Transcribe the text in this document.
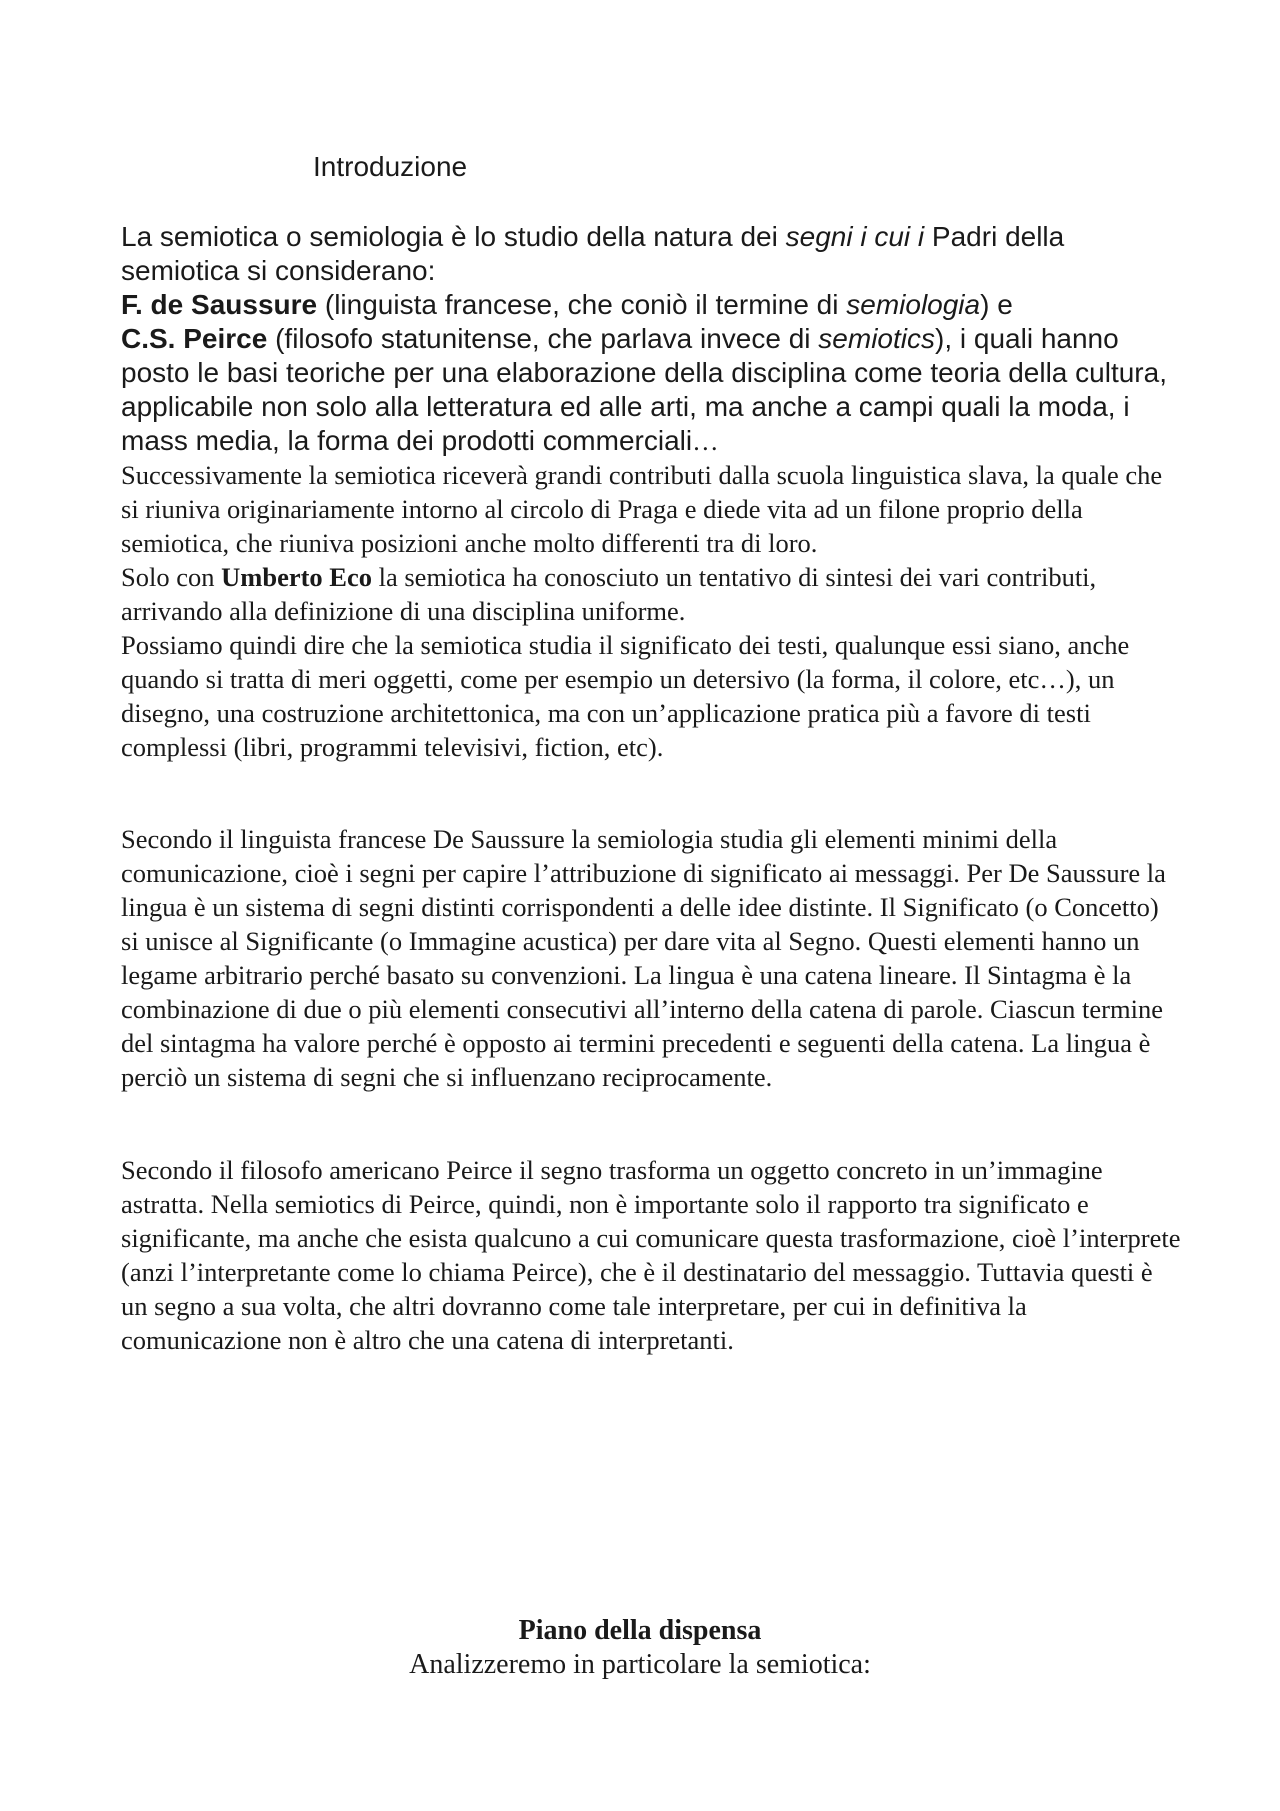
Introduzione

La semiotica o semiologia è lo studio della natura dei segni i cui i Padri della semiotica si considerano:

F. de Saussure (linguista francese, che coniò il termine di semiologia) e

C.S. Peirce (filosofo statunitense, che parlava invece di semiotics), i quali hanno posto le basi teoriche per una elaborazione della disciplina come teoria della cultura, applicabile non solo alla letteratura ed alle arti, ma anche a campi quali la moda, i mass media, la forma dei prodotti commerciali…

Successivamente la semiotica riceverà grandi contributi dalla scuola linguistica slava, la quale che si riuniva originariamente intorno al circolo di Praga e diede vita ad un filone proprio della semiotica, che riuniva posizioni anche molto differenti tra di loro.

Solo con Umberto Eco la semiotica ha conosciuto un tentativo di sintesi dei vari contributi, arrivando alla definizione di una disciplina uniforme.

Possiamo quindi dire che la semiotica studia il significato dei testi, qualunque essi siano, anche quando si tratta di meri oggetti, come per esempio un detersivo (la forma, il colore, etc…), un disegno, una costruzione architettonica, ma con un’applicazione pratica più a favore di testi complessi (libri, programmi televisivi, fiction, etc).

Secondo il linguista francese De Saussure la semiologia studia gli elementi minimi della comunicazione, cioè i segni per capire l’attribuzione di significato ai messaggi. Per De Saussure la lingua è un sistema di segni distinti corrispondenti a delle idee distinte. Il Significato (o Concetto) si unisce al Significante (o Immagine acustica) per dare vita al Segno. Questi elementi hanno un legame arbitrario perché basato su convenzioni. La lingua è una catena lineare. Il Sintagma è la combinazione di due o più elementi consecutivi all’interno della catena di parole. Ciascun termine del sintagma ha valore perché è opposto ai termini precedenti e seguenti della catena. La lingua è perciò un sistema di segni che si influenzano reciprocamente.

Secondo il filosofo americano Peirce il segno trasforma un oggetto concreto in un’immagine astratta. Nella semiotics di Peirce, quindi, non è importante solo il rapporto tra significato e significante, ma anche che esista qualcuno a cui comunicare questa trasformazione, cioè l’interprete (anzi l’interpretante come lo chiama Peirce), che è il destinatario del messaggio. Tuttavia questi è un segno a sua volta, che altri dovranno come tale interpretare, per cui in definitiva la comunicazione non è altro che una catena di interpretanti.

Piano della dispensa

Analizzeremo in particolare la semiotica:
